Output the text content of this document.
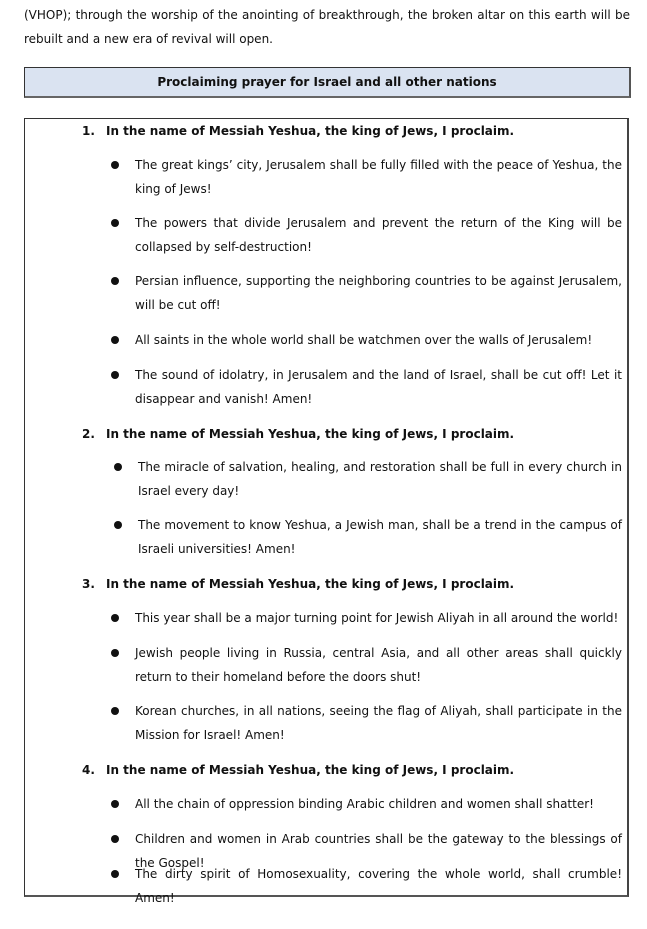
(VHOP); through the worship of the anointing of breakthrough, the broken altar on this earth will be rebuilt and a new era of revival will open.

Proclaiming prayer for Israel and all other nations
1. In the name of Messiah Yeshua, the king of Jews, I proclaim.

The great kings’ city, Jerusalem shall be fully filled with the peace of Yeshua, the king of Jews!

The powers that divide Jerusalem and prevent the return of the King will be collapsed by self-destruction!

Persian influence, supporting the neighboring countries to be against Jerusalem, will be cut off!

All saints in the whole world shall be watchmen over the walls of Jerusalem!

The sound of idolatry, in Jerusalem and the land of Israel, shall be cut off! Let it disappear and vanish! Amen!

2. In the name of Messiah Yeshua, the king of Jews, I proclaim.

The miracle of salvation, healing, and restoration shall be full in every church in Israel every day!

The movement to know Yeshua, a Jewish man, shall be a trend in the campus of Israeli universities! Amen!

3. In the name of Messiah Yeshua, the king of Jews, I proclaim.

This year shall be a major turning point for Jewish Aliyah in all around the world!

Jewish people living in Russia, central Asia, and all other areas shall quickly return to their homeland before the doors shut!

Korean churches, in all nations, seeing the flag of Aliyah, shall participate in the Mission for Israel! Amen!

4. In the name of Messiah Yeshua, the king of Jews, I proclaim.

All the chain of oppression binding Arabic children and women shall shatter!

Children and women in Arab countries shall be the gateway to the blessings of the Gospel!

The dirty spirit of Homosexuality, covering the whole world, shall crumble! Amen!
